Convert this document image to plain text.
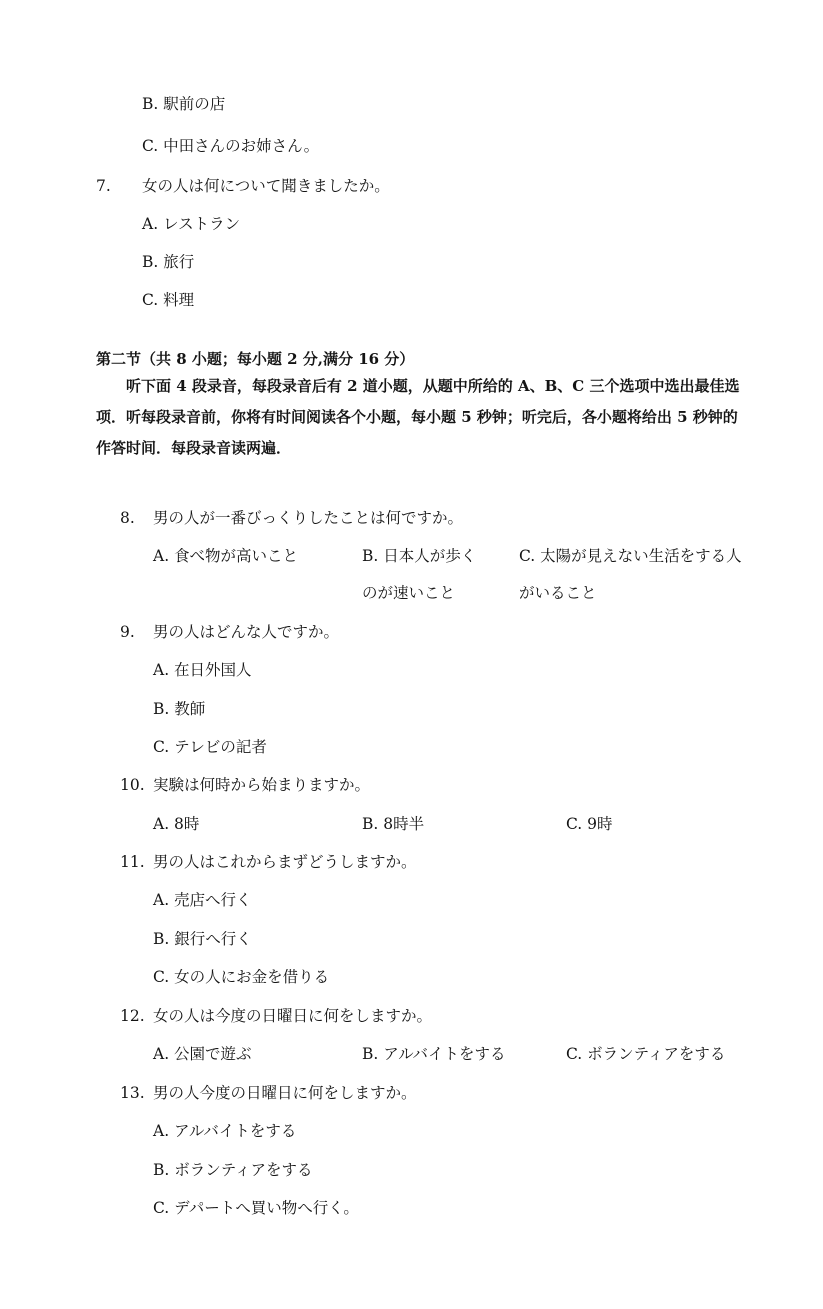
B. 駅前の店
C. 中田さんのお姉さん。
7. 女の人は何について聞きましたか。
A. レストラン
B. 旅行
C. 料理
第二节（共 8 小题；每小题 2 分,满分 16 分）
听下面 4 段录音，每段录音后有 2 道小题，从题中所给的 A、B、C 三个选项中选出最佳选
项．听每段录音前，你将有时间阅读各个小题，每小题 5 秒钟；听完后，各小题将给出 5 秒钟的
作答时间．每段录音读两遍．
8. 男の人が一番びっくりしたことは何ですか。
A. 食べ物が高いこと	B. 日本人が歩く
のが速いこと
C. 太陽が見えない生活をする人
がいること
9. 男の人はどんな人ですか。
A. 在日外国人
B. 教師
C. テレビの記者
10. 実験は何時から始まりますか。
A. 8時	B. 8時半	C. 9時
11. 男の人はこれからまずどうしますか。
A. 売店へ行く
B. 銀行へ行く
C. 女の人にお金を借りる
12. 女の人は今度の日曜日に何をしますか。
A. 公園で遊ぶ	B. アルバイトをする	C. ボランティアをする
13. 男の人今度の日曜日に何をしますか。
A. アルバイトをする
B. ボランティアをする
C. デパートへ買い物へ行く。
